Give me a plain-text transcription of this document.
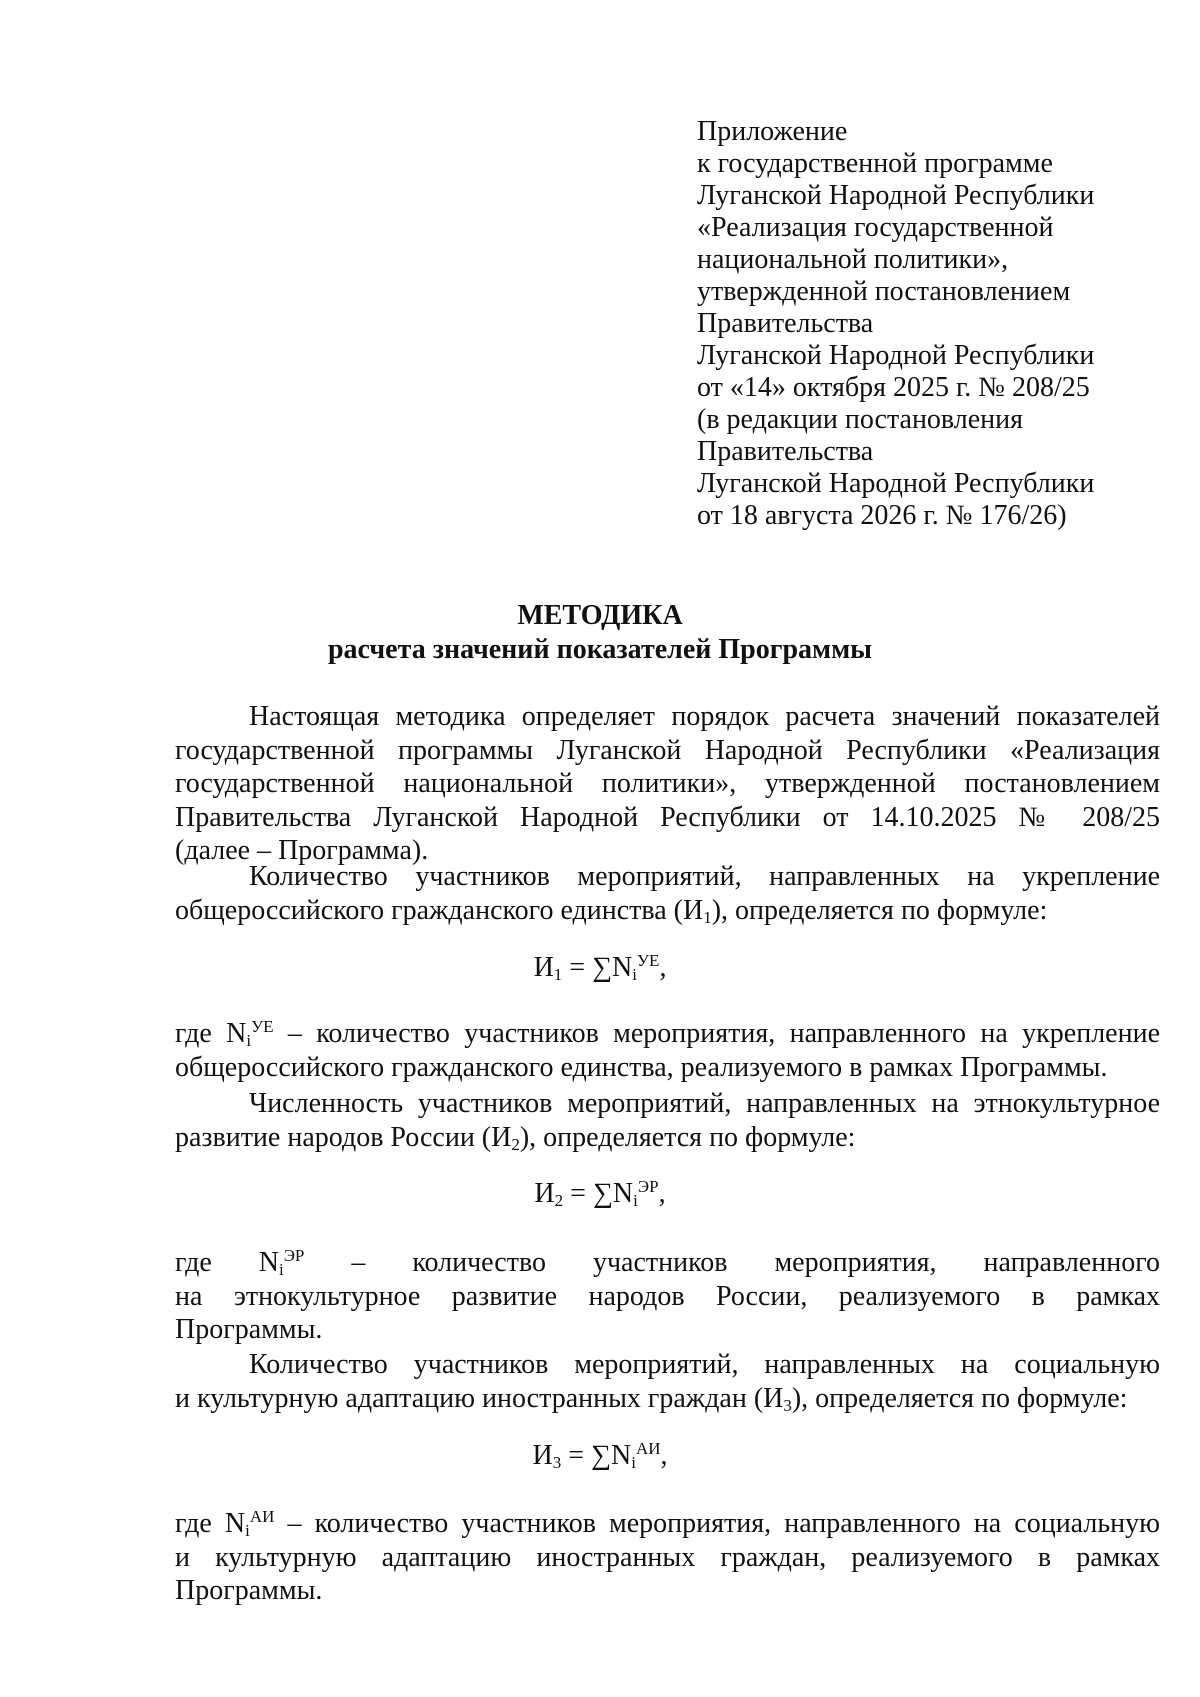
Приложение
к государственной программе
Луганской Народной Республики
«Реализация государственной
национальной политики»,
утвержденной постановлением
Правительства
Луганской Народной Республики
от «14» октября 2025 г. № 208/25
(в редакции постановления
Правительства
Луганской Народной Республики
от 18 августа 2026 г. № 176/26)
МЕТОДИКА
расчета значений показателей Программы
Настоящая методика определяет порядок расчета значений показателей
государственной программы Луганской Народной Республики «Реализация
государственной национальной политики», утвержденной постановлением
Правительства Луганской Народной Республики от 14.10.2025 № 208/25
(далее – Программа).
Количество участников мероприятий, направленных на укрепление
общероссийского гражданского единства $(И_1)$, определяется по формуле:
$И_1 = \sum N_i^{УЕ}$,
где $N_i^{УЕ}$ – количество участников мероприятия, направленного на укрепление
общероссийского гражданского единства, реализуемого в рамках Программы.
Численность участников мероприятий, направленных на этнокультурное
развитие народов России $(И_2)$, определяется по формуле:
$И_2 = \sum N_i^{ЭР}$,
где $N_i^{ЭР}$ – количество участников мероприятия, направленного
на этнокультурное развитие народов России, реализуемого в рамках
Программы.
Количество участников мероприятий, направленных на социальную
и культурную адаптацию иностранных граждан $(И_3)$, определяется по формуле:
$И_3 = \sum N_i^{АИ}$,
где $N_i^{АИ}$ – количество участников мероприятия, направленного на социальную
и культурную адаптацию иностранных граждан, реализуемого в рамках
Программы.
